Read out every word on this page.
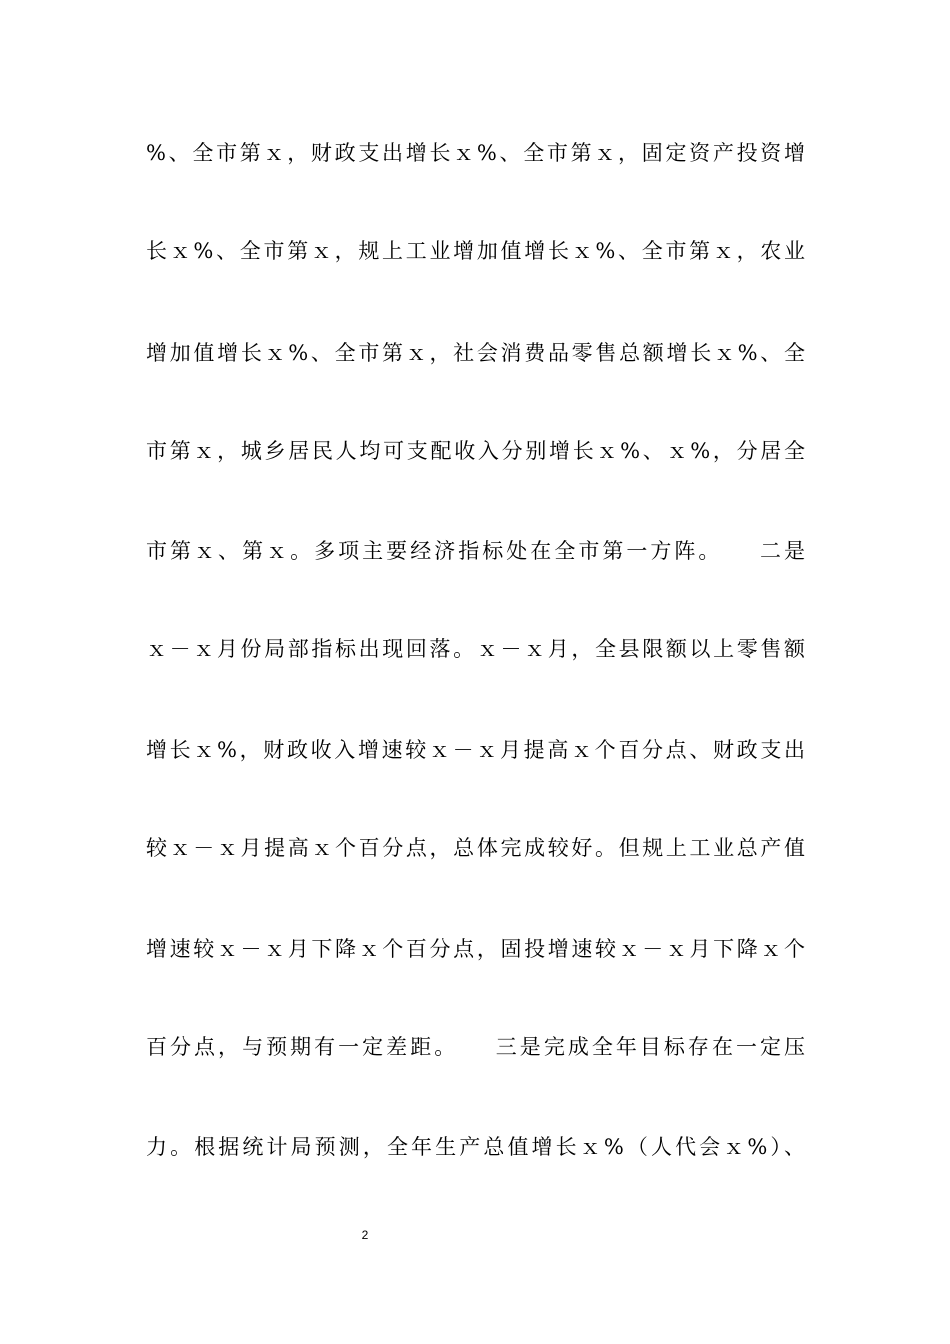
%、全市第ｘ，财政支出增长ｘ%、全市第ｘ，固定资产投资增
长ｘ%、全市第ｘ，规上工业增加值增长ｘ%、全市第ｘ，农业
增加值增长ｘ%、全市第ｘ，社会消费品零售总额增长ｘ%、全
市第ｘ，城乡居民人均可支配收入分别增长ｘ%、ｘ%，分居全
市第ｘ、第ｘ。多项主要经济指标处在全市第一方阵。　　二是
ｘ－ｘ月份局部指标出现回落。ｘ－ｘ月，全县限额以上零售额
增长ｘ%，财政收入增速较ｘ－ｘ月提高ｘ个百分点、财政支出
较ｘ－ｘ月提高ｘ个百分点，总体完成较好。但规上工业总产值
增速较ｘ－ｘ月下降ｘ个百分点，固投增速较ｘ－ｘ月下降ｘ个
百分点，与预期有一定差距。　　三是完成全年目标存在一定压
力。根据统计局预测，全年生产总值增长ｘ%（人代会ｘ%）、
2
